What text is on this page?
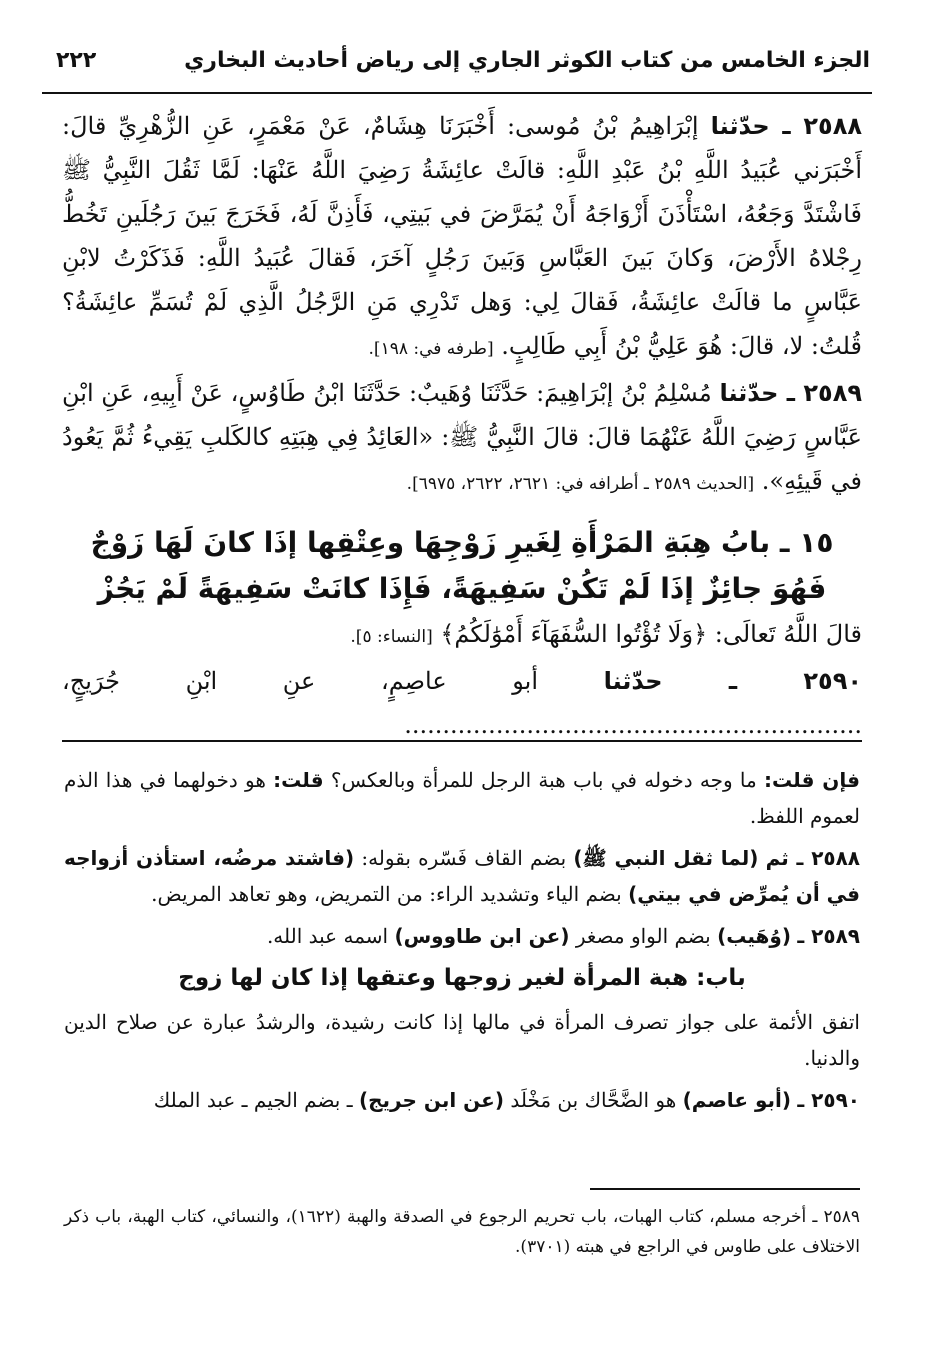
الجزء الخامس من كتاب الكوثر الجاري إلى رياض أحاديث البخاري
٢٢٢

٢٥٨٨ ـ حدّثنا إبْرَاهِيمُ بْنُ مُوسى: أَخْبَرَنَا هِشَامٌ، عَنْ مَعْمَرٍ، عَنِ الزُّهْرِيِّ قالَ: أَخْبَرَني عُبَيدُ اللَّهِ بْنُ عَبْدِ اللَّهِ: قالَتْ عائِشَةُ رَضِيَ اللَّهُ عَنْهَا: لَمَّا ثَقُلَ النَّبِيُّ ﷺ فَاشْتَدَّ وَجَعُهُ، اسْتَأْذَنَ أَزْوَاجَهُ أَنْ يُمَرَّضَ في بَيتِي، فَأَذِنَّ لَهُ، فَخَرَجَ بَينَ رَجُلَينِ تَخُطُّ رِجْلاهُ الأَرْضَ، وَكانَ بَينَ العَبَّاسِ وَبَينَ رَجُلٍ آخَرَ، فَقالَ عُبَيدُ اللَّهِ: فَذَكَرْتُ لابْنِ عَبَّاسٍ ما قالَتْ عائِشَةُ، فَقالَ لِي: وَهل تَدْرِي مَنِ الرَّجُلُ الَّذِي لَمْ تُسَمِّ عائِشَةُ؟ قُلتُ: لا، قالَ: هُوَ عَلِيُّ بْنُ أَبِي طَالِبٍ. [طرفه في: ١٩٨].

٢٥٨٩ ـ حدّثنا مُسْلِمُ بْنُ إبْرَاهِيمَ: حَدَّثَنَا وُهَيبٌ: حَدَّثَنَا ابْنُ طَاوُسٍ، عَنْ أَبِيهِ، عَنِ ابْنِ عَبَّاسٍ رَضِيَ اللَّهُ عَنْهُمَا قالَ: قالَ النَّبِيُّ ﷺ: «العَائِدُ فِي هِبَتِهِ كالكَلبِ يَقِيءُ ثُمَّ يَعُودُ في قَيئِهِ». [الحديث ٢٥٨٩ ـ أطرافه في: ٢٦٢١، ٢٦٢٢، ٦٩٧٥].

١٥ ـ بابُ هِبَةِ المَرْأَةِ لِغَيرِ زَوْجِهَا وعِتْقِها إذَا كانَ لَهَا زَوْجٌ
فَهُوَ جائِزٌ إذَا لَمْ تَكُنْ سَفِيهَةً، فَإِذَا كانَتْ سَفِيهَةً لَمْ يَجُزْ

قالَ اللَّهُ تَعالَى: ﴿وَلَا تُؤْتُوا السُّفَهَآءَ أَمْوَٰلَكُمُ﴾ [النساء: ٥].

٢٥٩٠ ـ حدّثنا أبو عاصِمٍ، عنِ ابْنِ جُرَيجٍ، ............................................................

فإن قلت: ما وجه دخوله في باب هبة الرجل للمرأة وبالعكس؟ قلت: هو دخولهما في هذا الذم لعموم اللفظ.

٢٥٨٨ ـ ثم (لما ثقل النبي ﷺ) بضم القاف فَسّره بقوله: (فاشتد مرضُه، استأذن أزواجه في أن يُمرِّض في بيتي) بضم الياء وتشديد الراء: من التمريض، وهو تعاهد المريض.

٢٥٨٩ ـ (وُهَيب) بضم الواو مصغر (عن ابن طاووس) اسمه عبد الله.

باب: هبة المرأة لغير زوجها وعتقها إذا كان لها زوج

اتفق الأئمة على جواز تصرف المرأة في مالها إذا كانت رشيدة، والرشدُ عبارة عن صلاح الدين والدنيا.

٢٥٩٠ ـ (أبو عاصم) هو الضَّحَّاك بن مَخْلَد (عن ابن جريج) ـ بضم الجيم ـ عبد الملك

٢٥٨٩ ـ أخرجه مسلم، كتاب الهبات، باب تحريم الرجوع في الصدقة والهبة (١٦٢٢)، والنسائي، كتاب الهبة، باب ذكر الاختلاف على طاوس في الراجع في هبته (٣٧٠١).
